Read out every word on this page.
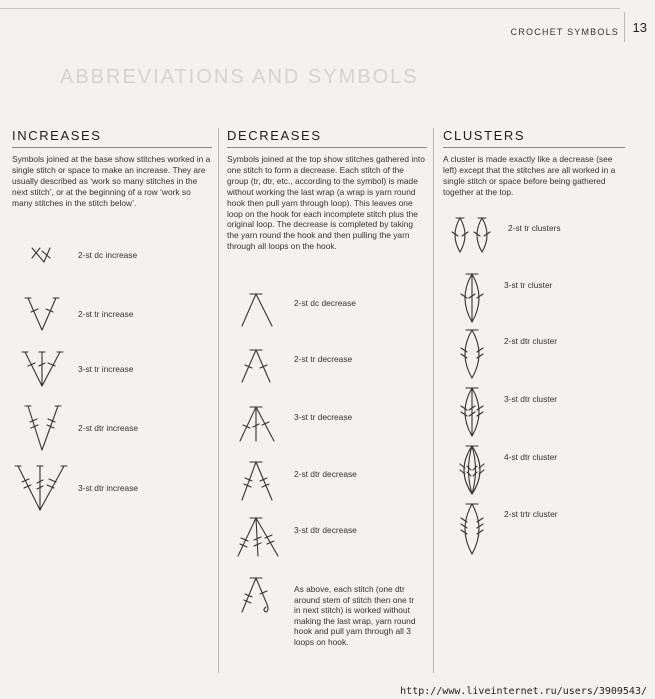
CROCHET SYMBOLS 13
ABBREVIATIONS AND SYMBOLS
INCREASES

Symbols joined at the base show stitches worked in a single stitch or space to make an increase. They are usually described as ‘work so many stitches in the next stitch’, or at the beginning of a row ‘work so many stitches in the stitch below’.

2-st dc increase
2-st tr increase
3-st tr increase
2-st dtr increase
3-st dtr increase
DECREASES

Symbols joined at the top show stitches gathered into one stitch to form a decrease. Each stitch of the group (tr, dtr, etc., according to the symbol) is made without working the last wrap (a wrap is yarn round hook then pull yarn through loop). This leaves one loop on the hook for each incomplete stitch plus the original loop. The decrease is completed by taking the yarn round the hook and then pulling the yarn through all loops on the hook.

2-st dc decrease
2-st tr decrease
3-st tr decrease
2-st dtr decrease
3-st dtr decrease
As above, each stitch (one dtr around stem of stitch then one tr in next stitch) is worked without making the last wrap, yarn round hook and pull yarn through all 3 loops on hook.
CLUSTERS

A cluster is made exactly like a decrease (see left) except that the stitches are all worked in a single stitch or space before being gathered together at the top.

2-st tr clusters
3-st tr cluster
2-st dtr cluster
3-st dtr cluster
4-st dtr cluster
2-st trtr cluster
http://www.liveinternet.ru/users/3909543/
